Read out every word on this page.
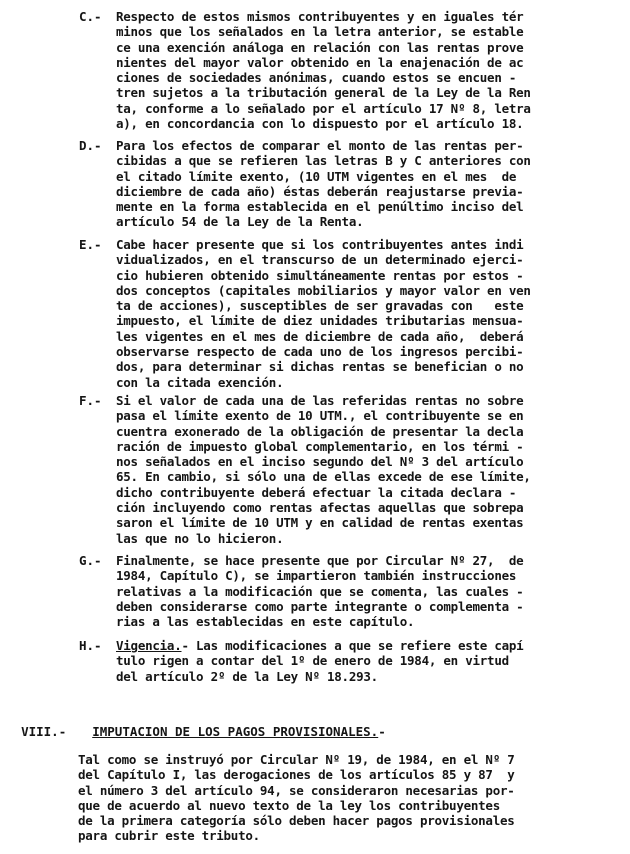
C.- Respecto de estos mismos contribuyentes y en iguales tér
minos que los señalados en la letra anterior, se estable
ce una exención análoga en relación con las rentas prove
nientes del mayor valor obtenido en la enajenación de ac
ciones de sociedades anónimas, cuando estos se encuen -
tren sujetos a la tributación general de la Ley de la Ren
ta, conforme a lo señalado por el artículo 17 Nº 8, letra
a), en concordancia con lo dispuesto por el artículo 18.
D.- Para los efectos de comparar el monto de las rentas per-
cibidas a que se refieren las letras B y C anteriores con
el citado límite exento, (10 UTM vigentes en el mes  de
diciembre de cada año) éstas deberán reajustarse previa-
mente en la forma establecida en el penúltimo inciso del
artículo 54 de la Ley de la Renta.
E.- Cabe hacer presente que si los contribuyentes antes indi
vidualizados, en el transcurso de un determinado ejerci-
cio hubieren obtenido simultáneamente rentas por estos -
dos conceptos (capitales mobiliarios y mayor valor en ven
ta de acciones), susceptibles de ser gravadas con   este
impuesto, el límite de diez unidades tributarias mensua-
les vigentes en el mes de diciembre de cada año,  deberá
observarse respecto de cada uno de los ingresos percibi-
dos, para determinar si dichas rentas se benefician o no
con la citada exención.
F.- Si el valor de cada una de las referidas rentas no sobre
pasa el límite exento de 10 UTM., el contribuyente se en
cuentra exonerado de la obligación de presentar la decla
ración de impuesto global complementario, en los térmi -
nos señalados en el inciso segundo del Nº 3 del artículo
65. En cambio, si sólo una de ellas excede de ese límite,
dicho contribuyente deberá efectuar la citada declara -
ción incluyendo como rentas afectas aquellas que sobrepa
saron el límite de 10 UTM y en calidad de rentas exentas
las que no lo hicieron.
G.- Finalmente, se hace presente que por Circular Nº 27,  de
1984, Capítulo C), se impartieron también instrucciones
relativas a la modificación que se comenta, las cuales -
deben considerarse como parte integrante o complementa -
rias a las establecidas en este capítulo.
H.- Vigencia.- Las modificaciones a que se refiere este capí
tulo rigen a contar del 1º de enero de 1984, en virtud
del artículo 2º de la Ley Nº 18.293.

VIII.- IMPUTACION DE LOS PAGOS PROVISIONALES.-

Tal como se instruyó por Circular Nº 19, de 1984, en el Nº 7
del Capítulo I, las derogaciones de los artículos 85 y 87  y
el número 3 del artículo 94, se consideraron necesarias por-
que de acuerdo al nuevo texto de la ley los contribuyentes
de la primera categoría sólo deben hacer pagos provisionales
para cubrir este tributo.
